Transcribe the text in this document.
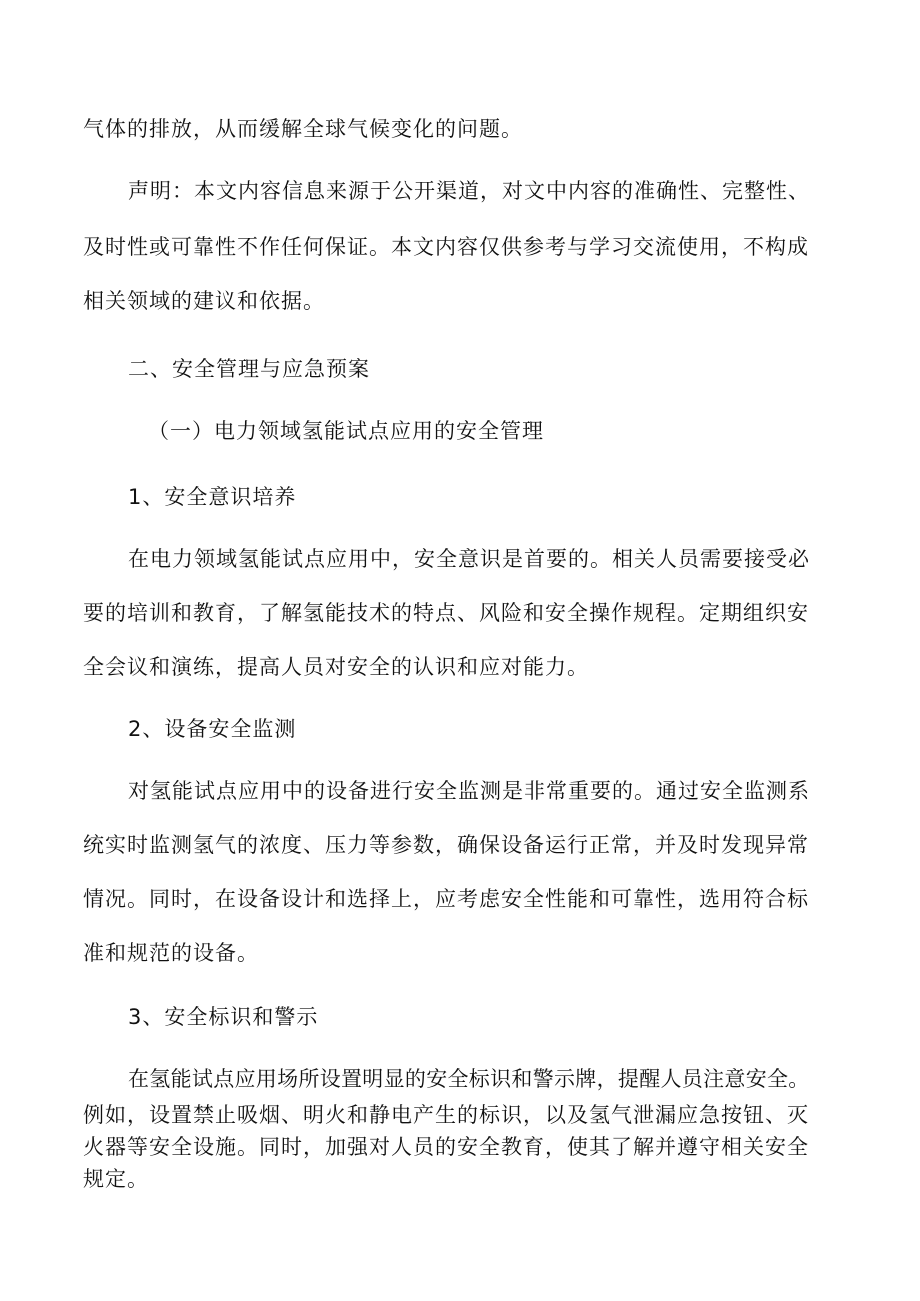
气体的排放，从而缓解全球气候变化的问题。
声明：本文内容信息来源于公开渠道，对文中内容的准确性、完整性、
及时性或可靠性不作任何保证。本文内容仅供参考与学习交流使用，不构成
相关领域的建议和依据。
二、安全管理与应急预案
（一）电力领域氢能试点应用的安全管理
1、安全意识培养
在电力领域氢能试点应用中，安全意识是首要的。相关人员需要接受必
要的培训和教育，了解氢能技术的特点、风险和安全操作规程。定期组织安
全会议和演练，提高人员对安全的认识和应对能力。
2、设备安全监测
对氢能试点应用中的设备进行安全监测是非常重要的。通过安全监测系
统实时监测氢气的浓度、压力等参数，确保设备运行正常，并及时发现异常
情况。同时，在设备设计和选择上，应考虑安全性能和可靠性，选用符合标
准和规范的设备。
3、安全标识和警示
在氢能试点应用场所设置明显的安全标识和警示牌，提醒人员注意安全。
例如，设置禁止吸烟、明火和静电产生的标识，以及氢气泄漏应急按钮、灭
火器等安全设施。同时，加强对人员的安全教育，使其了解并遵守相关安全
规定。
